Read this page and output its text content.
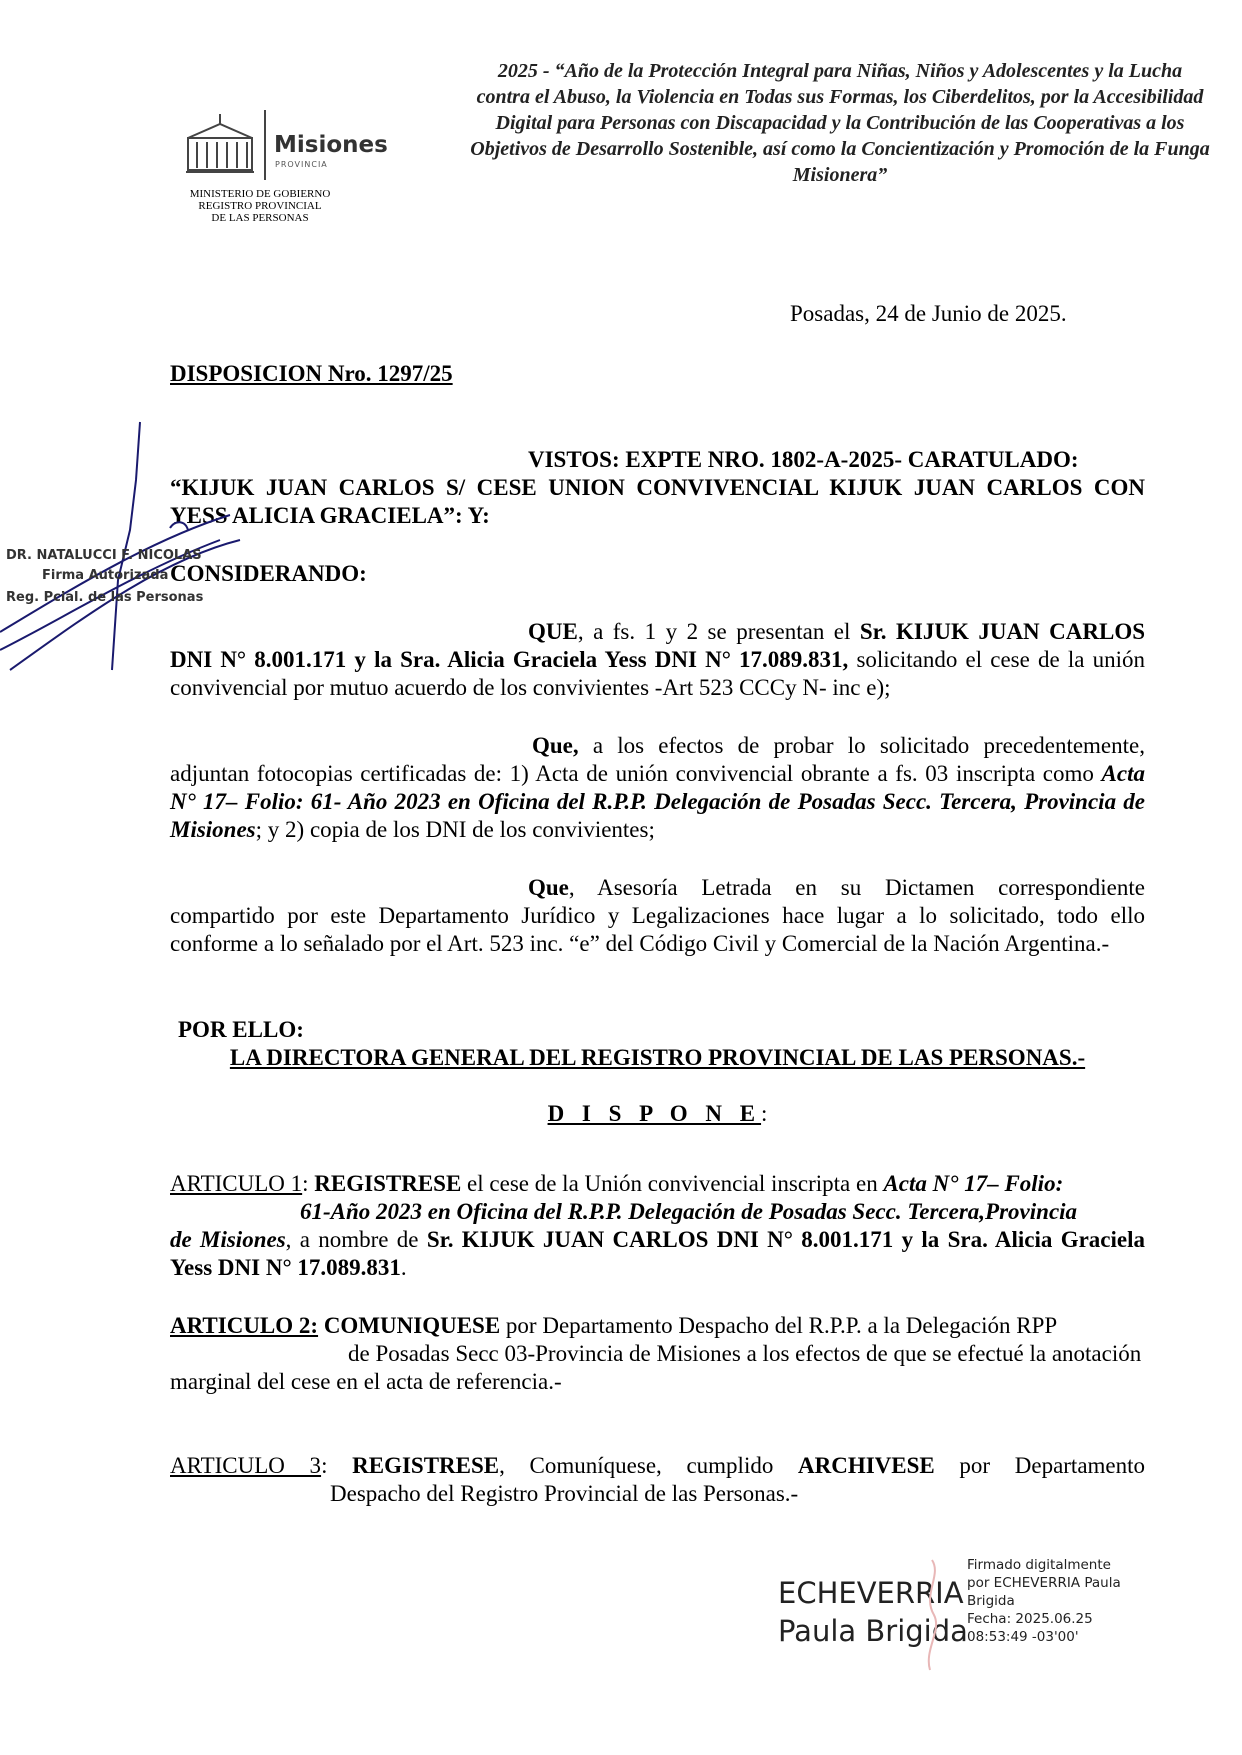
Misiones
PROVINCIA
MINISTERIO DE GOBIERNO
REGISTRO PROVINCIAL
DE LAS PERSONAS
2025 - “Año de la Protección Integral para Niñas, Niños y Adolescentes y la Lucha contra el Abuso, la Violencia en Todas sus Formas, los Ciberdelitos, por la Accesibilidad Digital para Personas con Discapacidad y la Contribución de las Cooperativas a los Objetivos de Desarrollo Sostenible, así como la Concientización y Promoción de la Funga Misionera”
Posadas, 24 de Junio de 2025.
DISPOSICION Nro. 1297/25
VISTOS: EXPTE NRO. 1802-A-2025- CARATULADO:
“KIJUK JUAN CARLOS S/ CESE UNION CONVIVENCIAL KIJUK JUAN CARLOS CON YESS ALICIA GRACIELA”: Y:
CONSIDERANDO:
QUE, a fs. 1 y 2 se presentan el Sr. KIJUK JUAN CARLOS DNI N° 8.001.171 y la Sra. Alicia Graciela Yess DNI N° 17.089.831, solicitando el cese de la unión convivencial por mutuo acuerdo de los convivientes -Art 523 CCCy N- inc e);
Que, a los efectos de probar lo solicitado precedentemente, adjuntan fotocopias certificadas de: 1) Acta de unión convivencial obrante a fs. 03 inscripta como Acta N° 17– Folio: 61- Año 2023 en Oficina del R.P.P. Delegación de Posadas Secc. Tercera, Provincia de Misiones; y 2) copia de los DNI de los convivientes;
Que, Asesoría Letrada en su Dictamen correspondiente compartido por este Departamento Jurídico y Legalizaciones hace lugar a lo solicitado, todo ello conforme a lo señalado por el Art. 523 inc. “e” del Código Civil y Comercial de la Nación Argentina.-
POR ELLO:
LA DIRECTORA GENERAL DEL REGISTRO PROVINCIAL DE LAS PERSONAS.-
D I S P O N E:
ARTICULO 1: REGISTRESE el cese de la Unión convivencial inscripta en Acta N° 17– Folio:
61-Año 2023 en Oficina del R.P.P. Delegación de Posadas Secc. Tercera,Provincia
de Misiones, a nombre de Sr. KIJUK JUAN CARLOS DNI N° 8.001.171 y la Sra. Alicia Graciela Yess DNI N° 17.089.831.
ARTICULO 2: COMUNIQUESE por Departamento Despacho del R.P.P. a la Delegación RPP
de Posadas Secc 03-Provincia de Misiones a los efectos de que se efectué la anotación
marginal del cese en el acta de referencia.-
ARTICULO 3: REGISTRESE, Comuníquese, cumplido ARCHIVESE por Departamento
Despacho del Registro Provincial de las Personas.-
DR. NATALUCCI F. NICOLAS
Firma Autorizada
Reg. Pcial. de las Personas
ECHEVERRIA
Paula Brigida
Firmado digitalmente
por ECHEVERRIA Paula
Brigida
Fecha: 2025.06.25
08:53:49 -03'00'
